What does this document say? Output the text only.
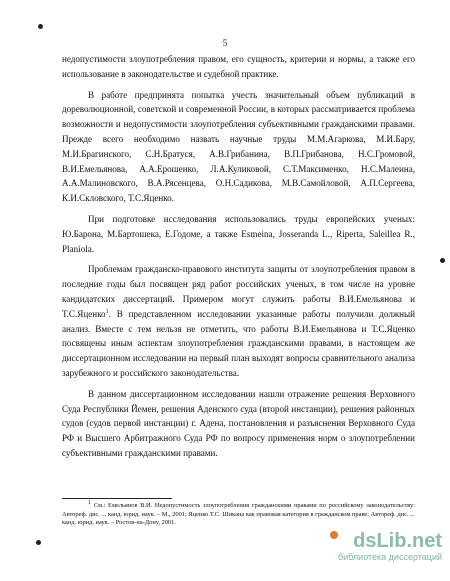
5

недопустимости злоупотребления правом, его сущность, критерии и нормы, а также его использование в законодательстве и судебной практике.

В работе предпринята попытка учесть значительный объем публикаций в дореволюционной, советской и современной России, в которых рассматривается проблема возможности и недопустимости злоупотребления субъективными гражданскими правами. Прежде всего необходимо назвать научные труды М.М.Агаркова, М.И.Бару, М.И.Брагинского, С.Н.Братуся, А.В.Грибанина, В.П.Грибанова, Н.С.Громовой, В.И.Емельянова, А.А.Ерошенко, Л.А.Куликовой, С.Т.Максименко, Н.С.Малеина, А.А.Малиновского, В.А.Рясенцева, О.Н.Садикова, М.В.Самойловой, А.П.Сергеева, К.И.Скловского, Т.С.Яценко.

При подготовке исследования использовались труды европейских ученых: Ю.Барона, М.Бартошека, Е.Годоме, а также Esmeina, Josseranda L., Riperta, Saleillea R., Planiola.

Проблемам гражданско-правового института защиты от злоупотребления правом в последние годы был посвящен ряд работ российских ученых, в том числе на уровне кандидатских диссертаций. Примером могут служить работы В.И.Емельянова и Т.С.Яценко$^1$. В представленном исследовании указанные работы получили должный анализ. Вместе с тем нельзя не отметить, что работы В.И.Емельянова и Т.С.Яценко посвящены иным аспектам злоупотребления гражданскими правами, в настоящем же диссертационном исследовании на первый план выходят вопросы сравнительного анализа зарубежного и российского законодательства.

В данном диссертационном исследовании нашли отражение решения Верховного Суда Республики Йемен, решения Аденского суда (второй инстанции), решения районных судов (судов первой инстанции) г. Адена, постановления и разъяснения Верховного Суда РФ и Высшего Арбитражного Суда РФ по вопросу применения норм о злоупотреблении субъективными гражданскими правами.

$^1$ См.: Емельянов В.И. Недопустимость злоупотребления гражданскими правами по российскому законодательству: Автореф. дис. ... канд. юрид. наук. – М., 2001; Яценко Т.С. Шикана как правовая категория в гражданском праве: Автореф. дис. ... канд. юрид. наук. – Ростов-на-Дону, 2001.

dsLib.net
библиотека диссертаций
